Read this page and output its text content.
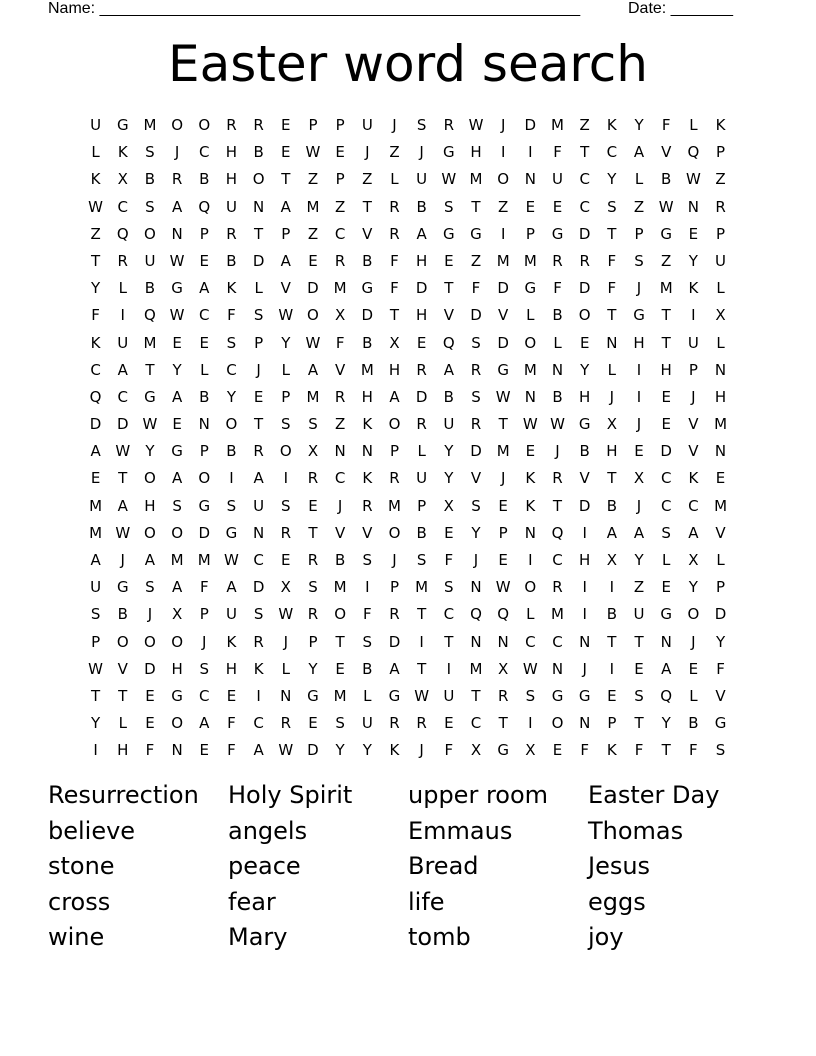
Name: ______________________________________________________	Date: _______
Easter word search
U	G M O	O	R	R	E	P	P	U	J	S	R W	J	D M	Z	K	Y	F	L	K
L	K	S	J	C	H	B	E	W	E	J	Z	J	G	H	I	I	F	T	C	A	V	Q	P
K	X	B	R	B	H	O	T	Z	P	Z	L	U W M O	N	U	C	Y	L	B W Z
W C	S	A	Q	U	N	A	M	Z	T	R	B	S	T	Z	E	E	C	S	Z W N	R
Z	Q	O	N	P	R	T	P	Z	C	V	R	A	G	G	I	P	G	D	T	P	G	E	P
T	R	U W	E	B	D	A	E	R	B	F	H	E	Z	M M	R	R	F	S	Z	Y	U
Y	L	B	G	A	K	L	V	D M G	F	D	T	F	D	G	F	D	F	J	M	K	L
F	I	Q W C	F	S W O	X	D	T	H	V	D	V	L	B	O	T	G	T	I	X
K	U	M	E	E	S	P	Y	W	F	B	X	E	Q	S	D	O	L	E	N	H	T	U	L
C	A	T	Y	L	C	J	L	A	V	M	H	R	A	R	G M	N	Y	L	I	H	P	N
Q	C	G	A	B	Y	E	P	M	R	H	A	D	B	S W N	B	H	J	I	E	J	H
D	D W	E	N	O	T	S	S	Z	K	O	R	U	R	T	W W G	X	J	E	V	M
A W	Y	G	P	B	R	O	X	N	N	P	L	Y	D M	E	J	B	H	E	D	V	N
E	T	O	A	O	I	A	I	R	C	K	R	U	Y	V	J	K	R	V	T	X	C	K	E
M	A	H	S	G	S	U	S	E	J	R	M	P	X	S	E	K	T	D	B	J	C	C	M
M W O	O	D	G	N	R	T	V	V	O	B	E	Y	P	N	Q	I	A	A	S	A	V
A	J	A	M M W C	E	R	B	S	J	S	F	J	E	I	C	H	X	Y	L	X	L
U	G	S	A	F	A	D	X	S	M	I	P	M	S	N W O	R	I	I	Z	E	Y	P
S	B	J	X	P	U	S W R	O	F	R	T	C	Q	Q	L	M	I	B	U	G	O	D
P	O	O	O	J	K	R	J	P	T	S	D	I	T	N	N	C	C	N	T	T	N	J	Y
W V	D	H	S	H	K	L	Y	E	B	A	T	I	M	X W N	J	I	E	A	E	F
T	T	E	G	C	E	I	N	G M	L	G W U	T	R	S	G	G	E	S	Q	L	V
Y	L	E	O	A	F	C	R	E	S	U	R	R	E	C	T	I	O	N	P	T	Y	B	G
I	H	F	N	E	F	A W D	Y	Y	K	J	F	X	G	X	E	F	K	F	T	F	S
Resurrection	Holy Spirit	upper room	Easter Day
believe	angels	Emmaus	Thomas
stone	peace	Bread	Jesus
cross	fear	life	eggs
wine	Mary	tomb	joy
